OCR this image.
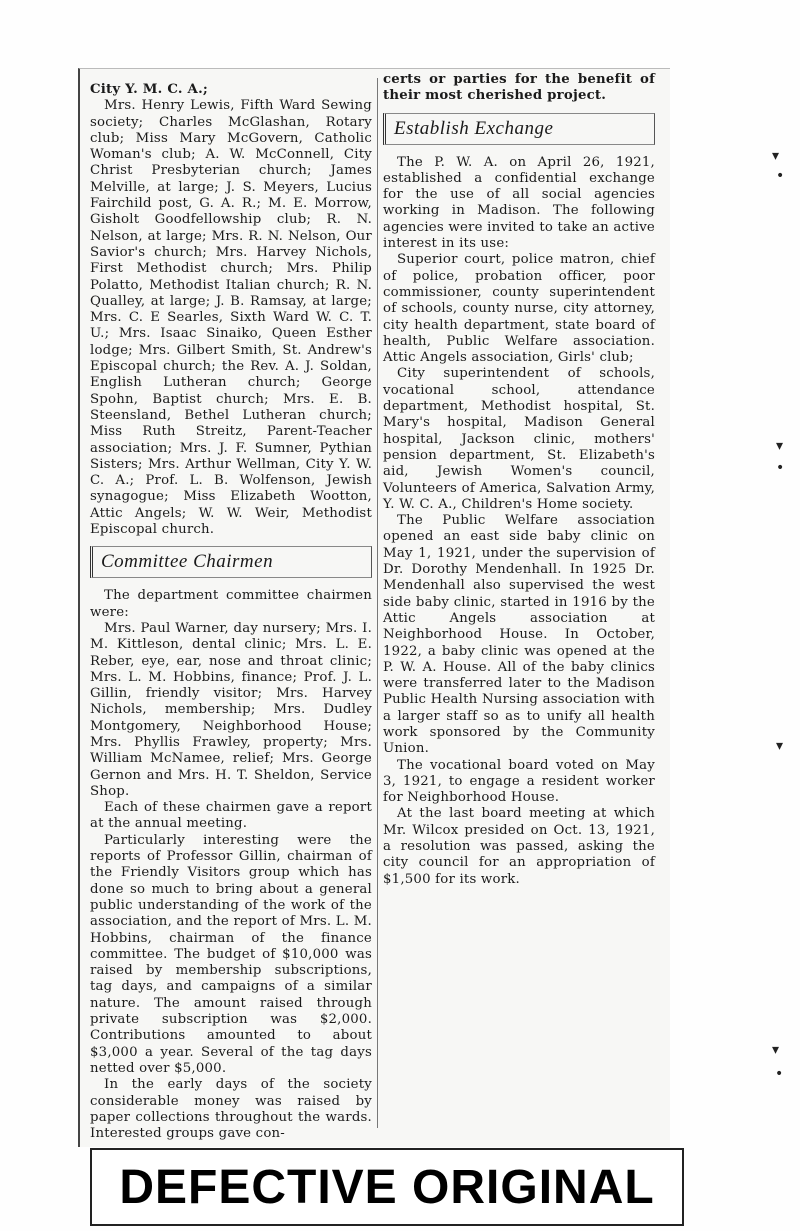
City Y. M. C. A.;

Mrs. Henry Lewis, Fifth Ward Sewing society; Charles McGlashan, Rotary club; Miss Mary McGovern, Catholic Woman's club; A. W. McConnell, City Christ Presbyterian church; James Melville, at large; J. S. Meyers, Lucius Fairchild post, G. A. R.; M. E. Morrow, Gisholt Goodfellowship club; R. N. Nelson, at large; Mrs. R. N. Nelson, Our Savior's church; Mrs. Harvey Nichols, First Methodist church; Mrs. Philip Polatto, Methodist Italian church; R. N. Qualley, at large; J. B. Ramsay, at large; Mrs. C. E Searles, Sixth Ward W. C. T. U.; Mrs. Isaac Sinaiko, Queen Esther lodge; Mrs. Gilbert Smith, St. Andrew's Episcopal church; the Rev. A. J. Soldan, English Lutheran church; George Spohn, Baptist church; Mrs. E. B. Steensland, Bethel Lutheran church; Miss Ruth Streitz, Parent-Teacher association; Mrs. J. F. Sumner, Pythian Sisters; Mrs. Arthur Wellman, City Y. W. C. A.; Prof. L. B. Wolfenson, Jewish synagogue; Miss Elizabeth Wootton, Attic Angels; W. W. Weir, Methodist Episcopal church.

Committee Chairmen

The department committee chairmen were:

Mrs. Paul Warner, day nursery; Mrs. I. M. Kittleson, dental clinic; Mrs. L. E. Reber, eye, ear, nose and throat clinic; Mrs. L. M. Hobbins, finance; Prof. J. L. Gillin, friendly visitor; Mrs. Harvey Nichols, membership; Mrs. Dudley Montgomery, Neighborhood House; Mrs. Phyllis Frawley, property; Mrs. William McNamee, relief; Mrs. George Gernon and Mrs. H. T. Sheldon, Service Shop.

Each of these chairmen gave a report at the annual meeting.

Particularly interesting were the reports of Professor Gillin, chairman of the Friendly Visitors group which has done so much to bring about a general public understanding of the work of the association, and the report of Mrs. L. M. Hobbins, chairman of the finance committee. The budget of $10,000 was raised by membership subscriptions, tag days, and campaigns of a similar nature. The amount raised through private subscription was $2,000. Contributions amounted to about $3,000 a year. Several of the tag days netted over $5,000.

In the early days of the society considerable money was raised by paper collections throughout the wards. Interested groups gave con-

certs or parties for the benefit of their most cherished project.

Establish Exchange

The P. W. A. on April 26, 1921, established a confidential exchange for the use of all social agencies working in Madison. The following agencies were invited to take an active interest in its use:

Superior court, police matron, chief of police, probation officer, poor commissioner, county superintendent of schools, county nurse, city attorney, city health department, state board of health, Public Welfare association. Attic Angels association, Girls' club;

City superintendent of schools, vocational school, attendance department, Methodist hospital, St. Mary's hospital, Madison General hospital, Jackson clinic, mothers' pension department, St. Elizabeth's aid, Jewish Women's council, Volunteers of America, Salvation Army, Y. W. C. A., Children's Home society.

The Public Welfare association opened an east side baby clinic on May 1, 1921, under the supervision of Dr. Dorothy Mendenhall. In 1925 Dr. Mendenhall also supervised the west side baby clinic, started in 1916 by the Attic Angels association at Neighborhood House. In October, 1922, a baby clinic was opened at the P. W. A. House. All of the baby clinics were transferred later to the Madison Public Health Nursing association with a larger staff so as to unify all health work sponsored by the Community Union.

The vocational board voted on May 3, 1921, to engage a resident worker for Neighborhood House.

At the last board meeting at which Mr. Wilcox presided on Oct. 13, 1921, a resolution was passed, asking the city council for an appropriation of $1,500 for its work.

▾
•
▾
•
▾
▾
•
DEFECTIVE ORIGINAL
